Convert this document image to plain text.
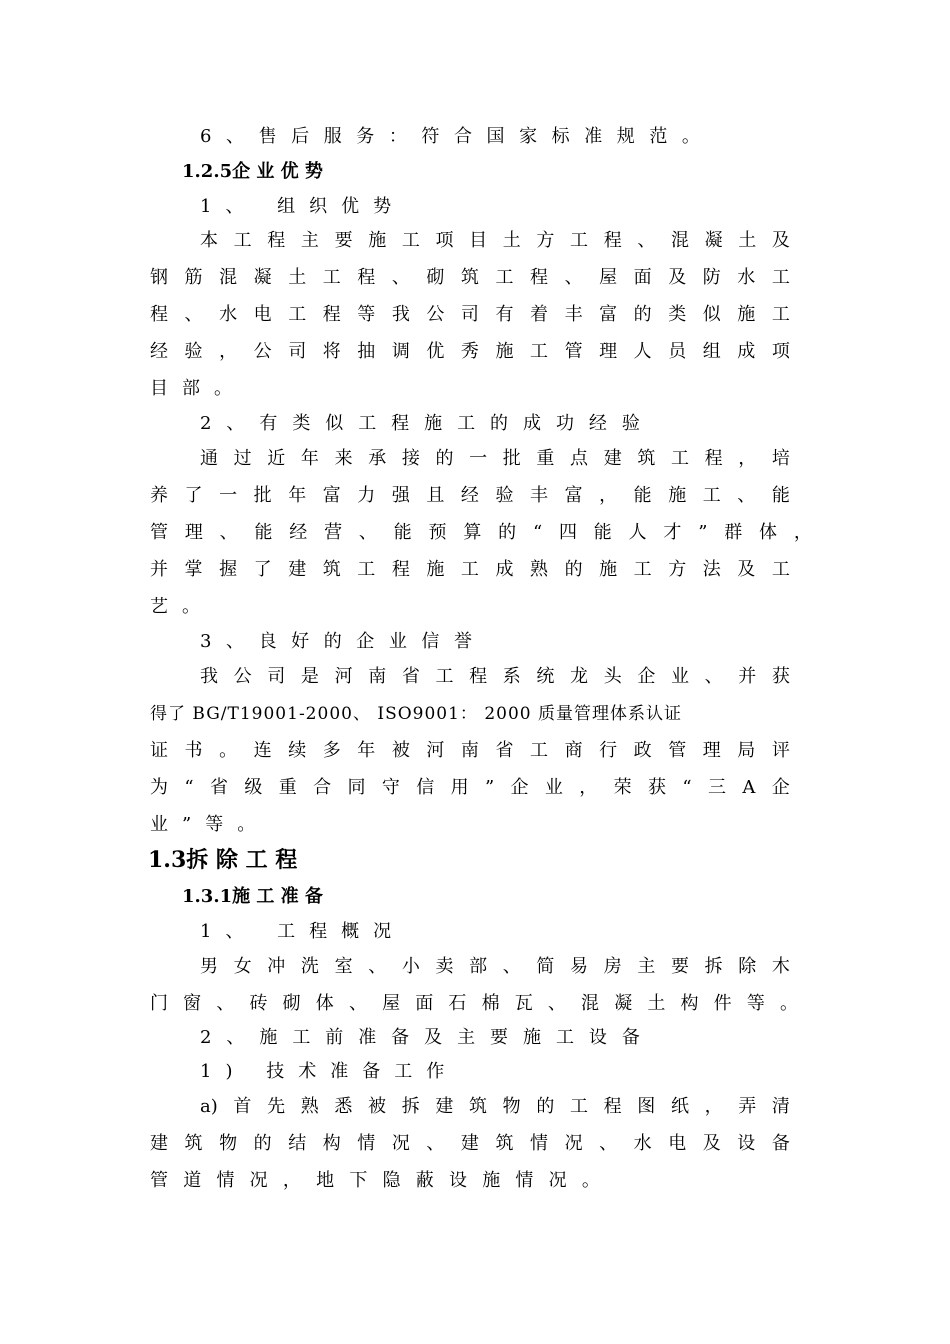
6 、 售 后 服 务 ： 符 合 国 家 标 准 规 范 。
1.2.5企 业 优 势
1、 组织优势
本 工 程 主 要 施 工 项 目 土 方 工 程 、 混 凝 土 及
钢 筋 混 凝 土 工 程 、 砌 筑 工 程 、 屋 面 及 防 水 工
程 、 水 电 工 程 等 我 公 司 有 着 丰 富 的 类 似 施 工
经 验 ， 公 司 将 抽 调 优 秀 施 工 管 理 人 员 组 成 项
目部。
2 、 有 类 似 工 程 施 工 的 成 功 经 验
通 过 近 年 来 承 接 的 一 批 重 点 建 筑 工 程 ， 培
养 了 一 批 年 富 力 强 且 经 验 丰 富 ， 能 施 工 、 能
管 理 、 能 经 营 、 能 预 算 的 “ 四 能 人 才 ” 群 体 ，
并 掌 握 了 建 筑 工 程 施 工 成 熟 的 施 工 方 法 及 工
艺。
3 、 良 好 的 企 业 信 誉
我 公 司 是 河 南 省 工 程 系 统 龙 头 企 业 、 并 获
得了 BG/T19001-2000、 ISO9001： 2000 质量管理体系认证
证 书 。 连 续 多 年 被 河 南 省 工 商 行 政 管 理 局 评
为 “ 省 级 重 合 同 守 信 用 ” 企 业 ， 荣 获 “ 三 A 企
业”等。
1.3拆 除 工 程
1.3.1施 工 准 备
1、 工程概况
男 女 冲 洗 室 、 小 卖 部 、 简 易 房 主 要 拆 除 木
门 窗 、 砖 砌 体 、 屋 面 石 棉 瓦 、 混 凝 土 构 件 等 。
2 、 施 工 前 准 备 及 主 要 施 工 设 备
1) 技术准备工作
a) 首 先 熟 悉 被 拆 建 筑 物 的 工 程 图 纸 ， 弄 清
建 筑 物 的 结 构 情 况 、 建 筑 情 况 、 水 电 及 设 备
管 道 情 况 ， 地 下 隐 蔽 设 施 情 况 。
